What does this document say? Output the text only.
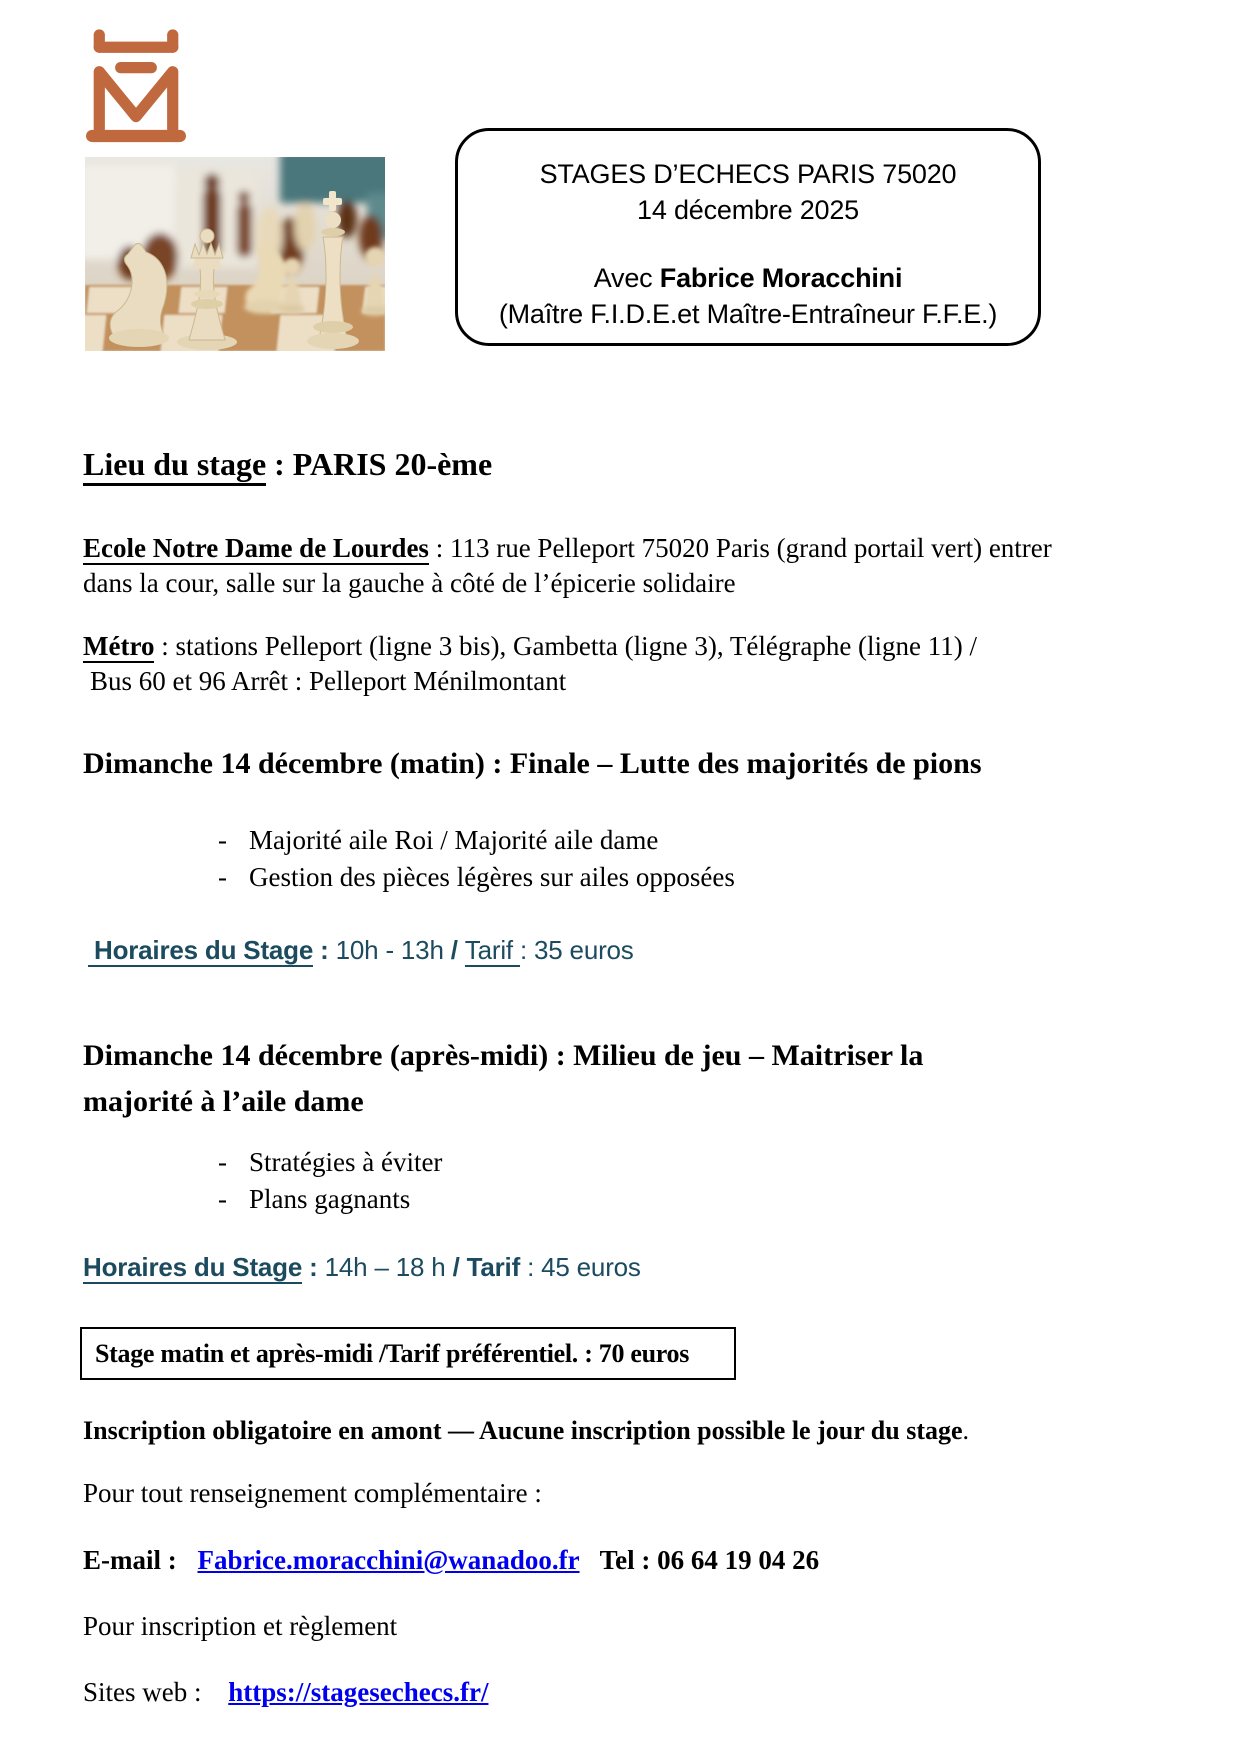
STAGES D’ECHECS PARIS 75020
14 décembre 2025
Avec Fabrice Moracchini
(Maître F.I.D.E.et Maître-Entraîneur F.F.E.)
Lieu du stage : PARIS 20-ème
Ecole Notre Dame de Lourdes : 113 rue Pelleport 75020 Paris (grand portail vert) entrer
dans la cour, salle sur la gauche à côté de l’épicerie solidaire
Métro : stations Pelleport (ligne 3 bis), Gambetta (ligne 3), Télégraphe (ligne 11) /
Bus 60 et 96 Arrêt : Pelleport Ménilmontant
Dimanche 14 décembre (matin) : Finale – Lutte des majorités de pions
- Majorité aile Roi / Majorité aile dame
- Gestion des pièces légères sur ailes opposées
Horaires du Stage : 10h - 13h / Tarif : 35 euros
Dimanche 14 décembre (après-midi) : Milieu de jeu – Maitriser la
majorité à l’aile dame
- Stratégies à éviter
- Plans gagnants
Horaires du Stage : 14h – 18 h / Tarif : 45 euros
Stage matin et après-midi /Tarif préférentiel. : 70 euros
Inscription obligatoire en amont — Aucune inscription possible le jour du stage.
Pour tout renseignement complémentaire :
E-mail : Fabrice.moracchini@wanadoo.fr Tel : 06 64 19 04 26
Pour inscription et règlement
Sites web : https://stagesechecs.fr/
